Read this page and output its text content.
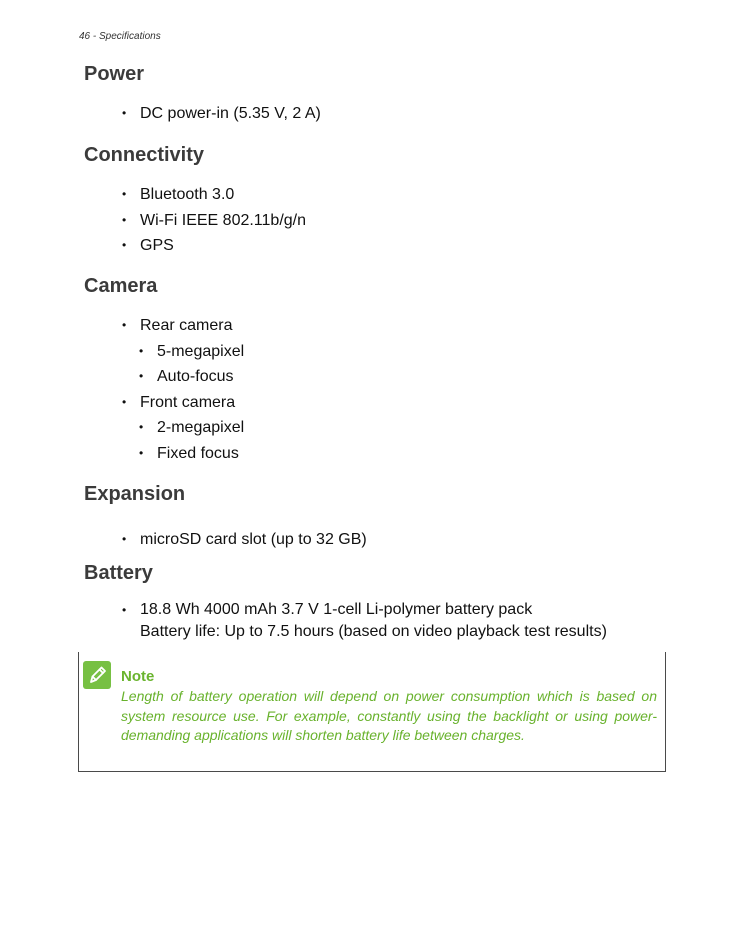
46 - Specifications
Power
• DC power-in (5.35 V, 2 A)
Connectivity
• Bluetooth 3.0
• Wi-Fi IEEE 802.11b/g/n
• GPS
Camera
• Rear camera
• 5-megapixel
• Auto-focus
• Front camera
• 2-megapixel
• Fixed focus
Expansion
• microSD card slot (up to 32 GB)
Battery
• 18.8 Wh 4000 mAh 3.7 V 1-cell Li-polymer battery pack
Battery life: Up to 7.5 hours (based on video playback test results)
Note
Length of battery operation will depend on power consumption which is based on system resource use. For example, constantly using the backlight or using power-demanding applications will shorten battery life between charges.
